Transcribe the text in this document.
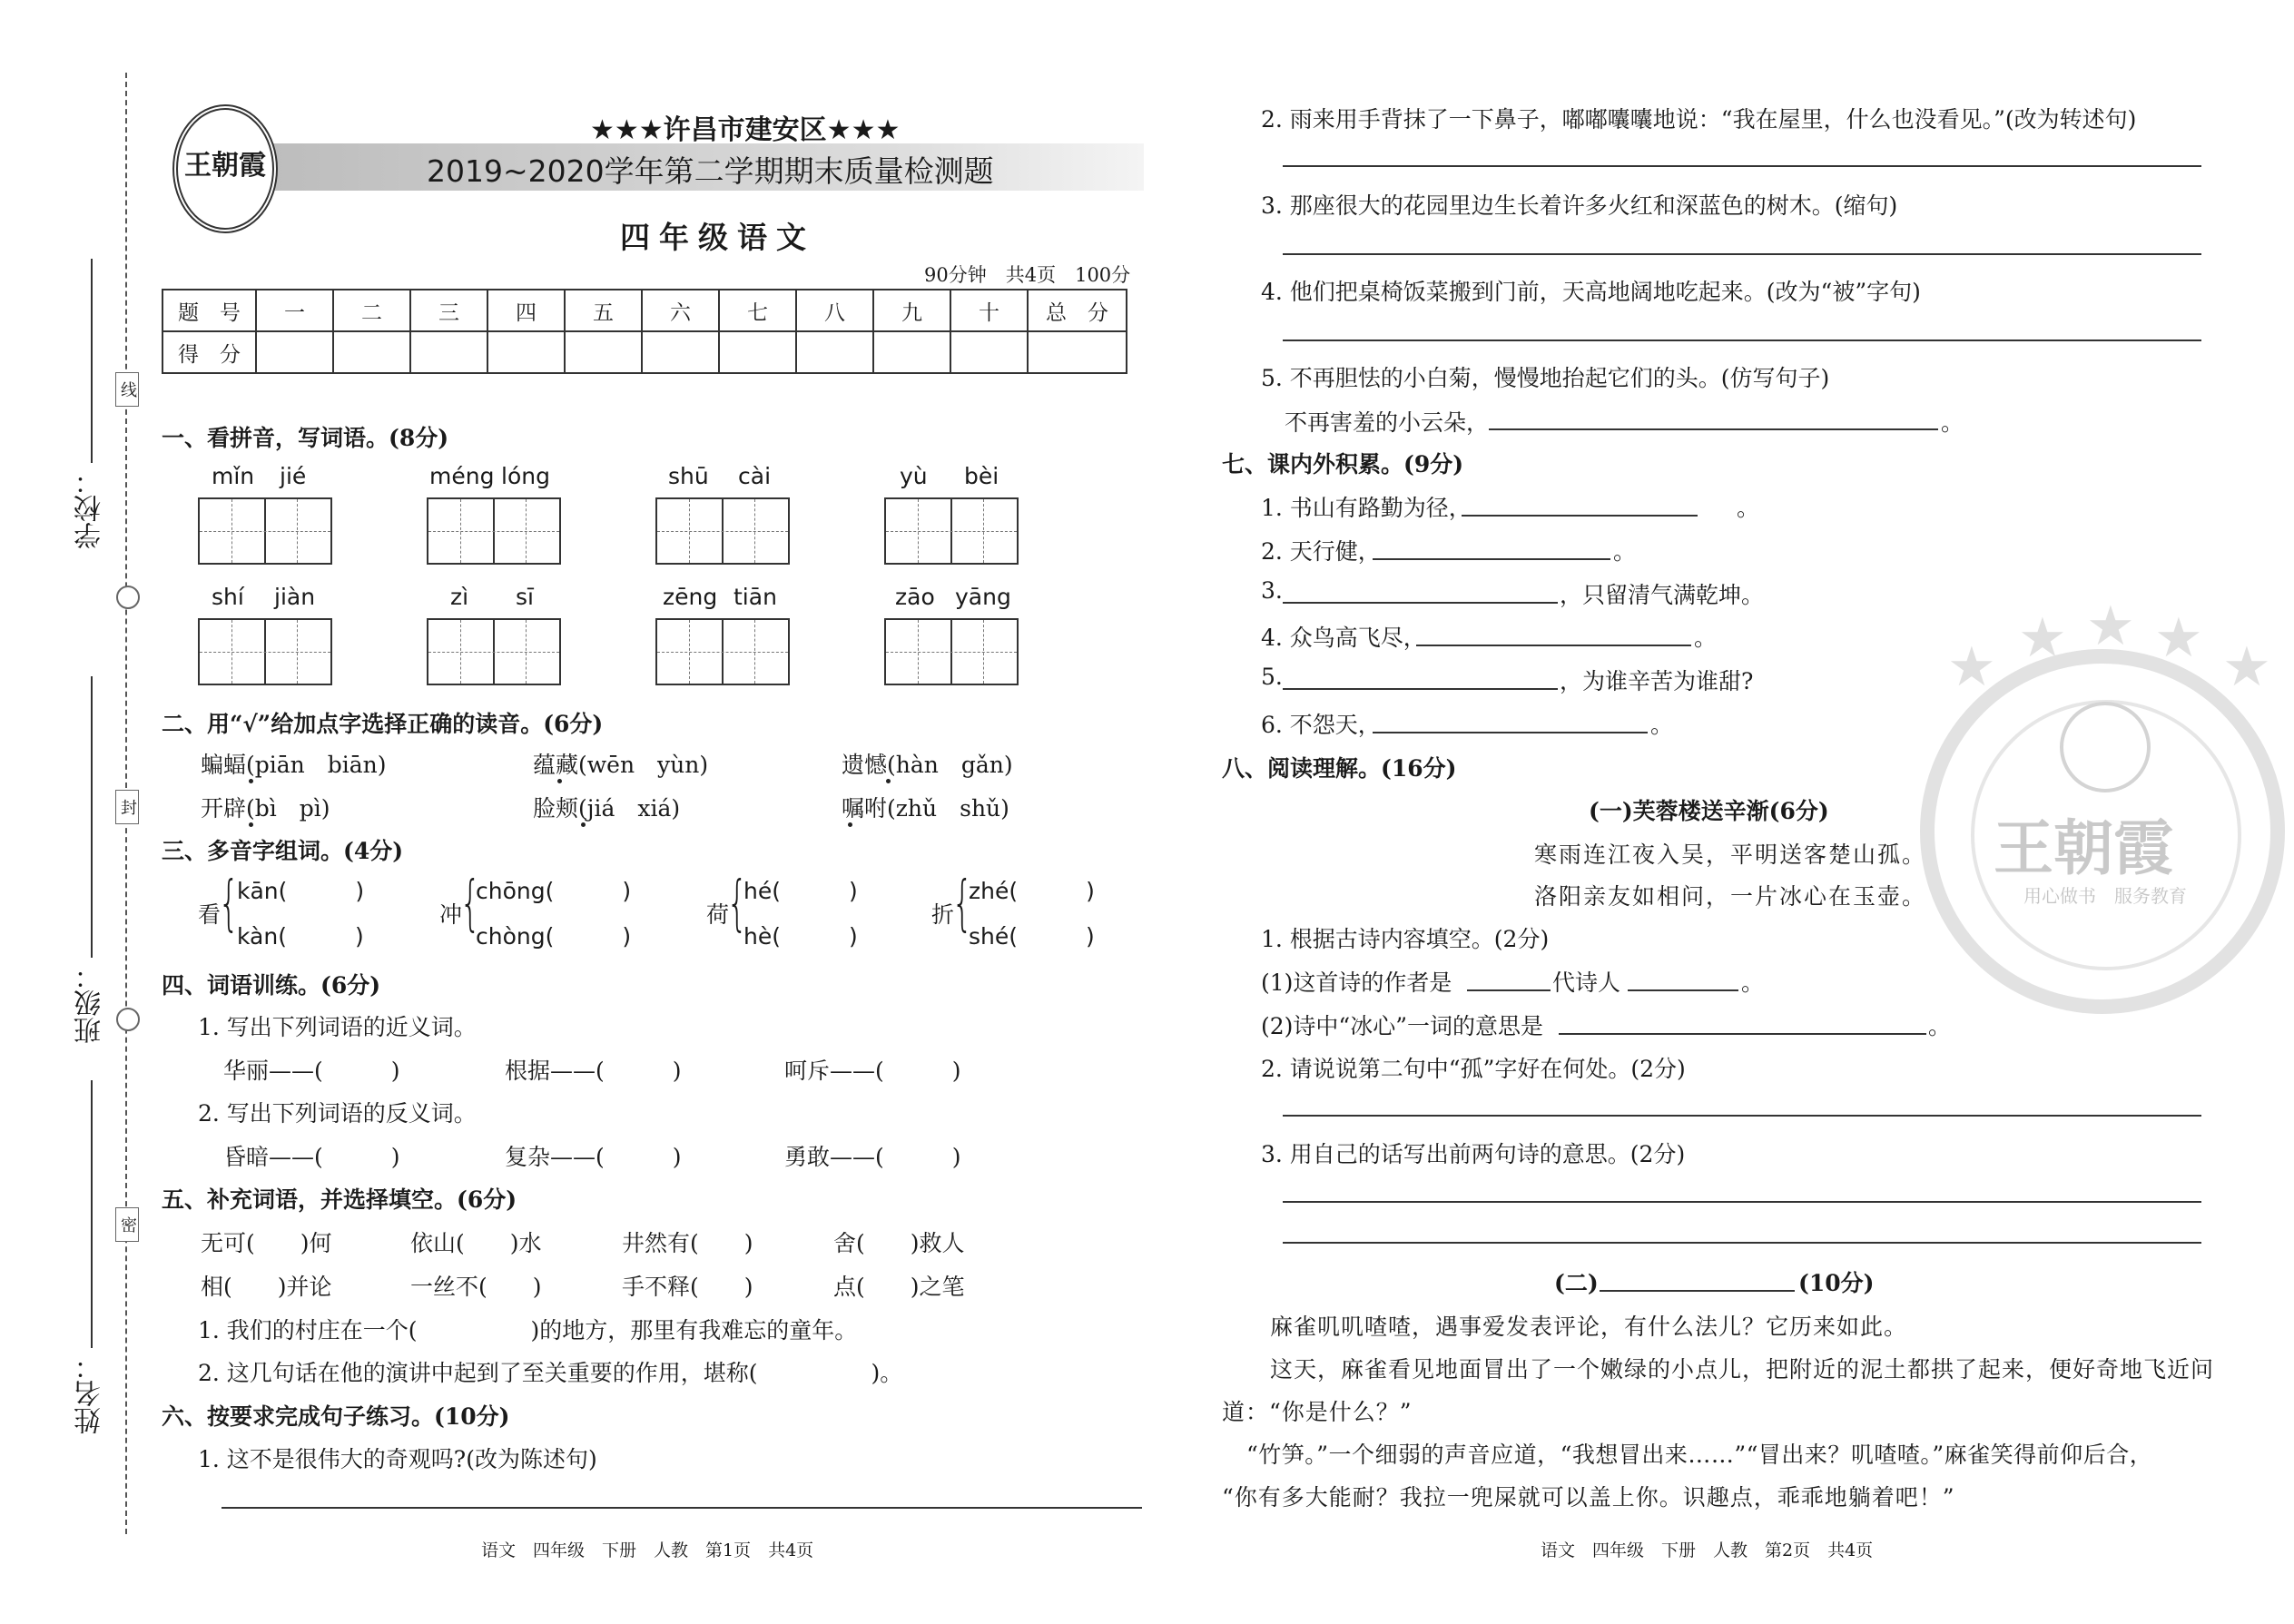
学校：
班级：
姓名：
线
封
密
王朝霞
★★★许昌市建安区★★★
2019~2020学年第二学期期末质量检测题
四年级语文
90分钟　共4页　100分
题　号	一	二	三	四	五	六	七	八	九	十	总　分
得　分											
一、看拼音，写词语。(8分)
mǐn jié	méng lóng	shū cài	yù bèi
shí jiàn	zì sī	zēng tiān	zāo yāng
二、用“√”给加点字选择正确的读音。(6分)
蝙蝠(piān　biān)	蕴藏(wēn　yùn)	遗憾(hàn　gǎn)
开辟(bì　pì)	脸颊(jiá　xiá)	嘱咐(zhǔ　shǔ)
三、多音字组词。(4分)
看
{
kān(　　　)
kàn(　　　)
冲
{
chōng(　　　)
chòng(　　　)
荷
{
hé(　　　)
hè(　　　)
折
{
zhé(　　　)
shé(　　　)
四、词语训练。(6分)
1. 写出下列词语的近义词。
华丽——(　　　)	根据——(　　　)	呵斥——(　　　)
2. 写出下列词语的反义词。
昏暗——(　　　)	复杂——(　　　)	勇敢——(　　　)
五、补充词语，并选择填空。(6分)
无可(　　)何	依山(　　)水	井然有(　　)	舍(　　)救人
相(　　)并论	一丝不(　　)	手不释(　　)	点(　　)之笔
1. 我们的村庄在一个(　　　　　)的地方，那里有我难忘的童年。
2. 这几句话在他的演讲中起到了至关重要的作用，堪称(　　　　　)。
六、按要求完成句子练习。(10分)
1. 这不是很伟大的奇观吗?(改为陈述句)
语文　四年级　下册　人教　第1页　共4页	语文　四年级　下册　人教　第2页　共4页
2. 雨来用手背抹了一下鼻子，嘟嘟囔囔地说：“我在屋里，什么也没看见。”(改为转述句)
3. 那座很大的花园里边生长着许多火红和深蓝色的树木。(缩句)
4. 他们把桌椅饭菜搬到门前，天高地阔地吃起来。(改为“被”字句)
5. 不再胆怯的小白菊，慢慢地抬起它们的头。(仿写句子)
不再害羞的小云朵，	。
七、课内外积累。(9分)
1. 书山有路勤为径，	。
2. 天行健，	。
3.	，只留清气满乾坤。
4. 众鸟高飞尽，	。
5.	，为谁辛苦为谁甜?
6. 不怨天，	。
八、阅读理解。(16分)
(一)芙蓉楼送辛渐(6分)
寒雨连江夜入吴，平明送客楚山孤。
洛阳亲友如相问，一片冰心在玉壶。
1. 根据古诗内容填空。(2分)
(1)这首诗的作者是	代诗人	。
(2)诗中“冰心”一词的意思是	。
2. 请说说第二句中“孤”字好在何处。(2分)
3. 用自己的话写出前两句诗的意思。(2分)
(二)	(10分)
麻雀叽叽喳喳，遇事爱发表评论，有什么法儿？它历来如此。
这天，麻雀看见地面冒出了一个嫩绿的小点儿，把附近的泥土都拱了起来，便好奇地飞近问
道：“你是什么？”
“竹笋。”一个细弱的声音应道，“我想冒出来……”“冒出来？叽喳喳。”麻雀笑得前仰后合，
“你有多大能耐？我拉一兜屎就可以盖上你。识趣点，乖乖地躺着吧！”
★ ★ ★ ★ ★
王朝霞
用心做书　服务教育
